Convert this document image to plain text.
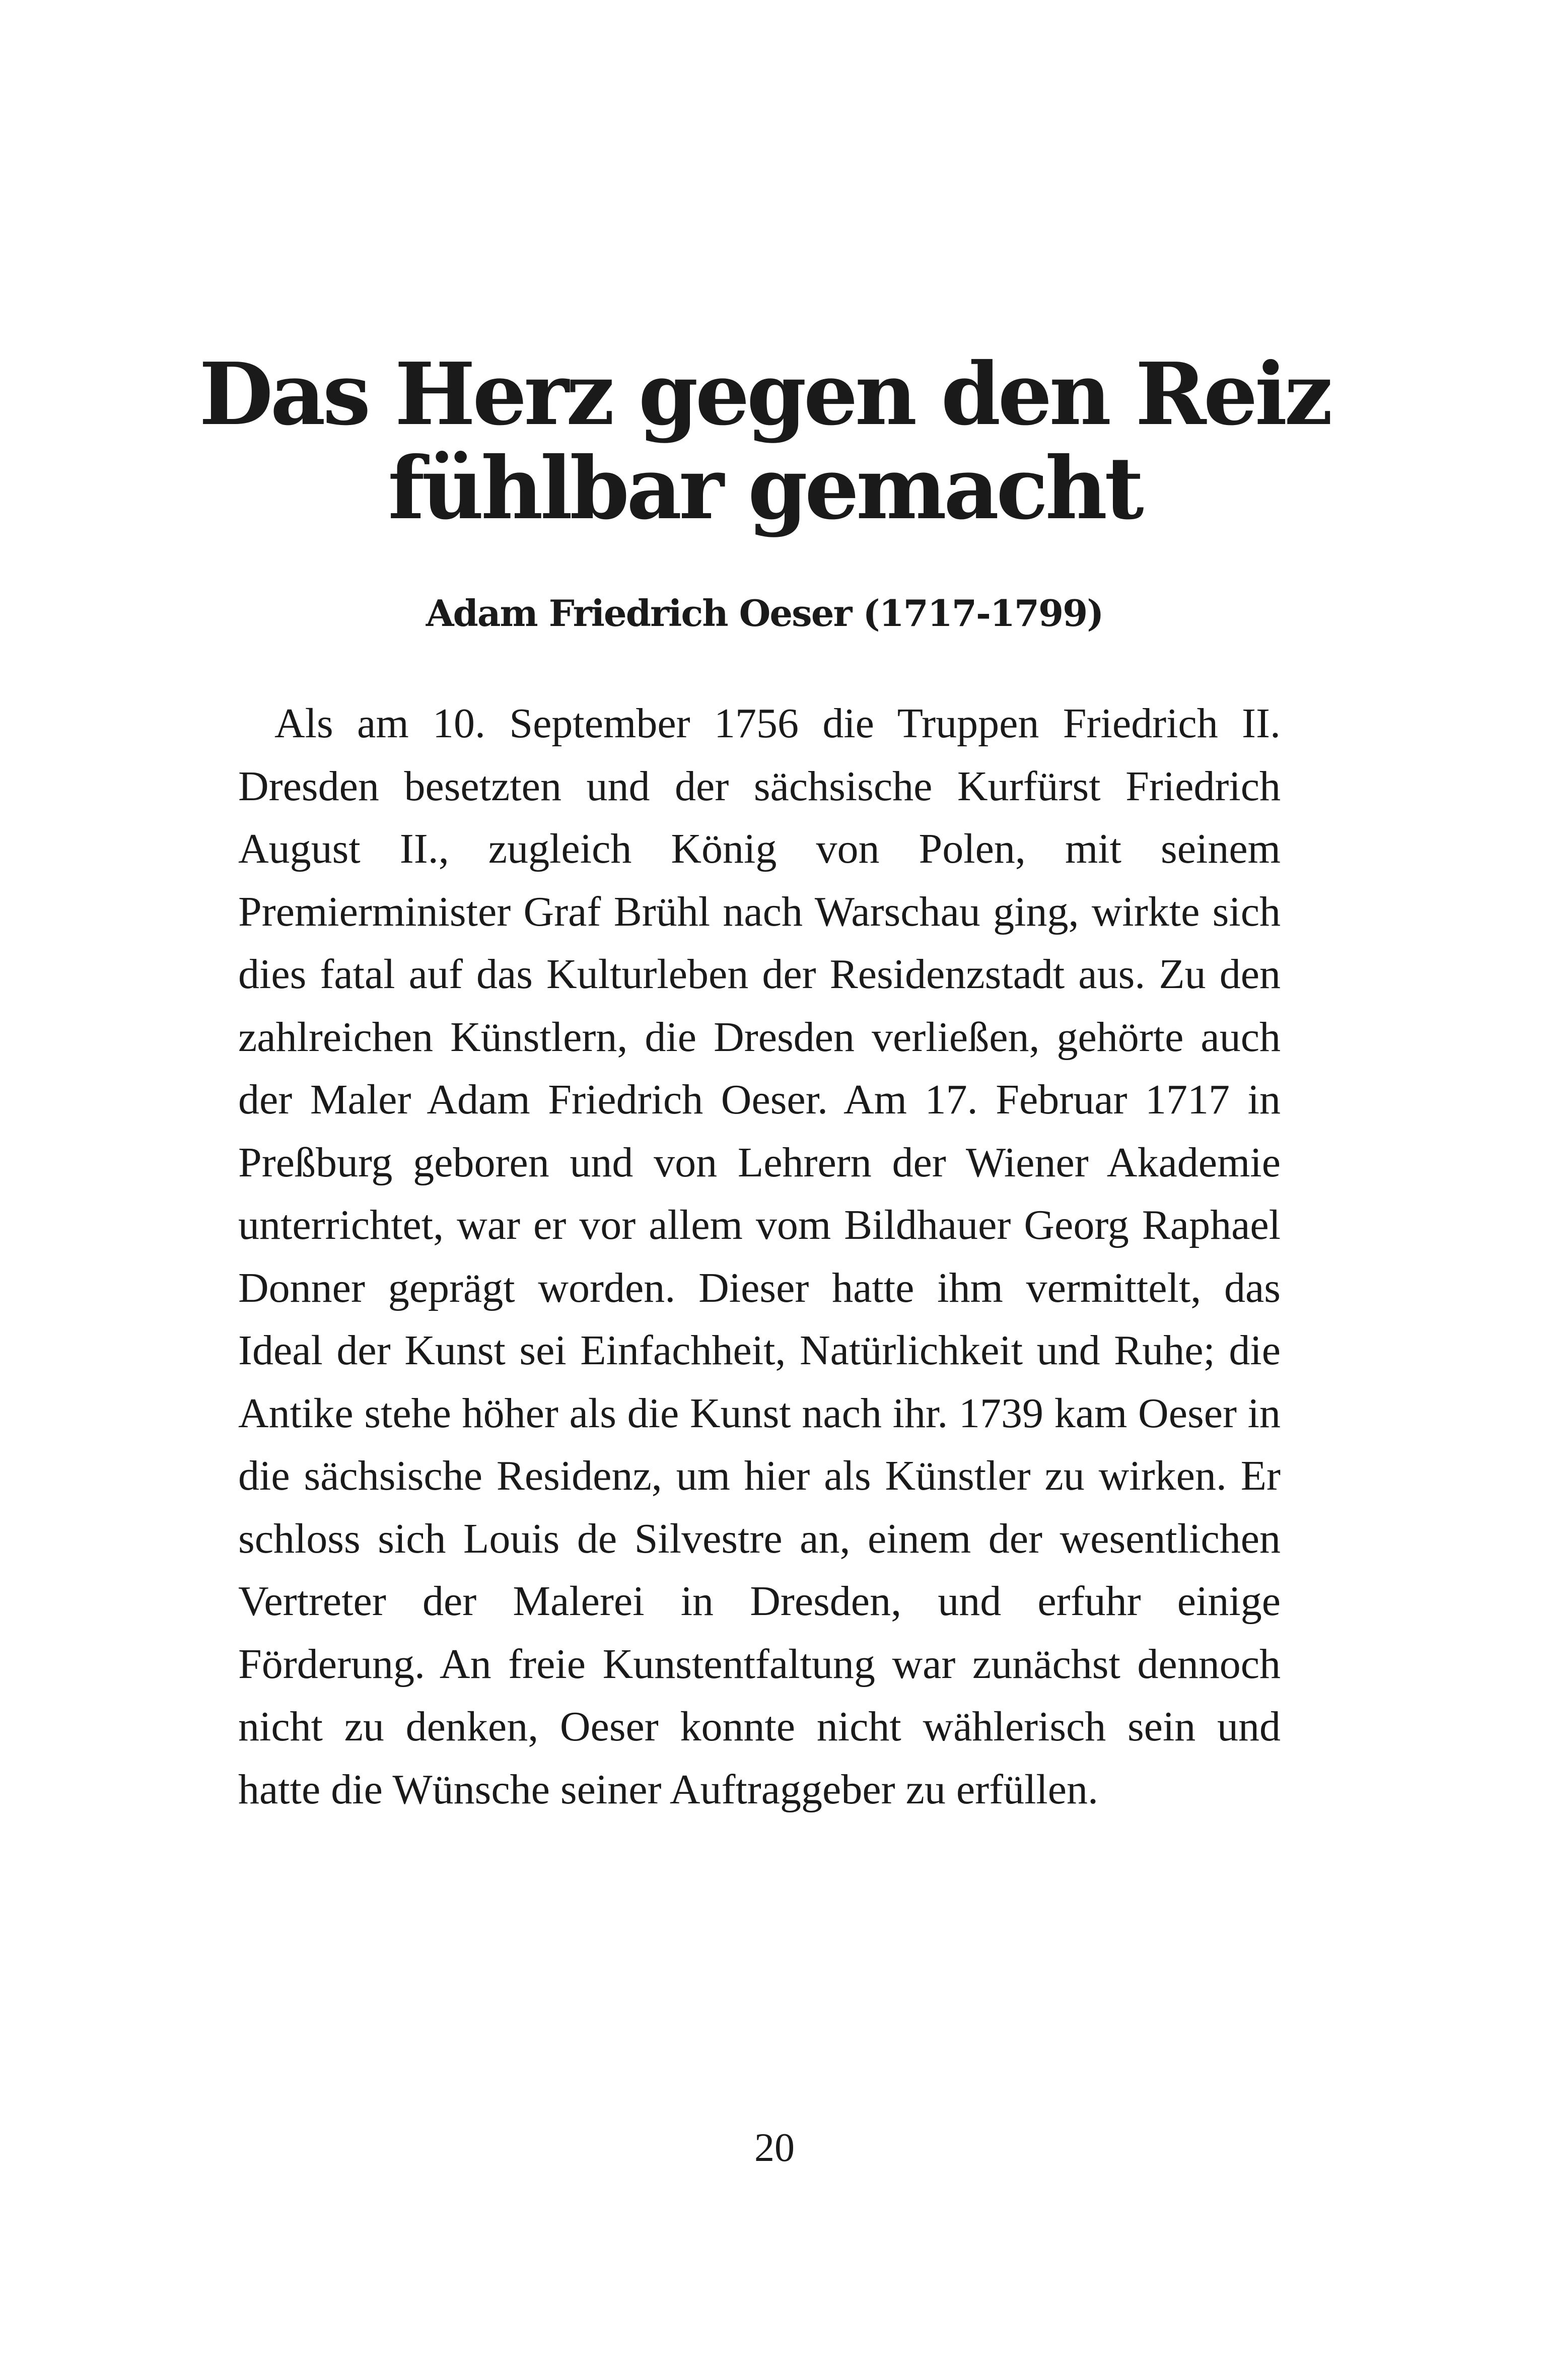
Das Herz gegen den Reiz
fühlbar gemacht
Adam Friedrich Oeser (1717-1799)

Als am 10. September 1756 die Truppen Friedrich II. Dresden besetzten und der sächsische Kurfürst Friedrich August II., zugleich König von Polen, mit seinem Premierminister Graf Brühl nach Warschau ging, wirkte sich dies fatal auf das Kulturleben der Residenzstadt aus. Zu den zahlreichen Künstlern, die Dresden verließen, gehörte auch der Maler Adam Friedrich Oeser. Am 17. Februar 1717 in Preßburg geboren und von Lehrern der Wiener Akademie unterrichtet, war er vor allem vom Bildhauer Georg Raphael Donner geprägt worden. Dieser hatte ihm vermittelt, das Ideal der Kunst sei Einfachheit, Natürlichkeit und Ruhe; die Antike stehe höher als die Kunst nach ihr. 1739 kam Oeser in die sächsische Residenz, um hier als Künstler zu wirken. Er schloss sich Louis de Silvestre an, einem der wesentlichen Vertreter der Malerei in Dresden, und erfuhr einige Förderung. An freie Kunstentfaltung war zunächst dennoch nicht zu denken, Oeser konnte nicht wählerisch sein und hatte die Wünsche seiner Auftraggeber zu erfüllen.

20
